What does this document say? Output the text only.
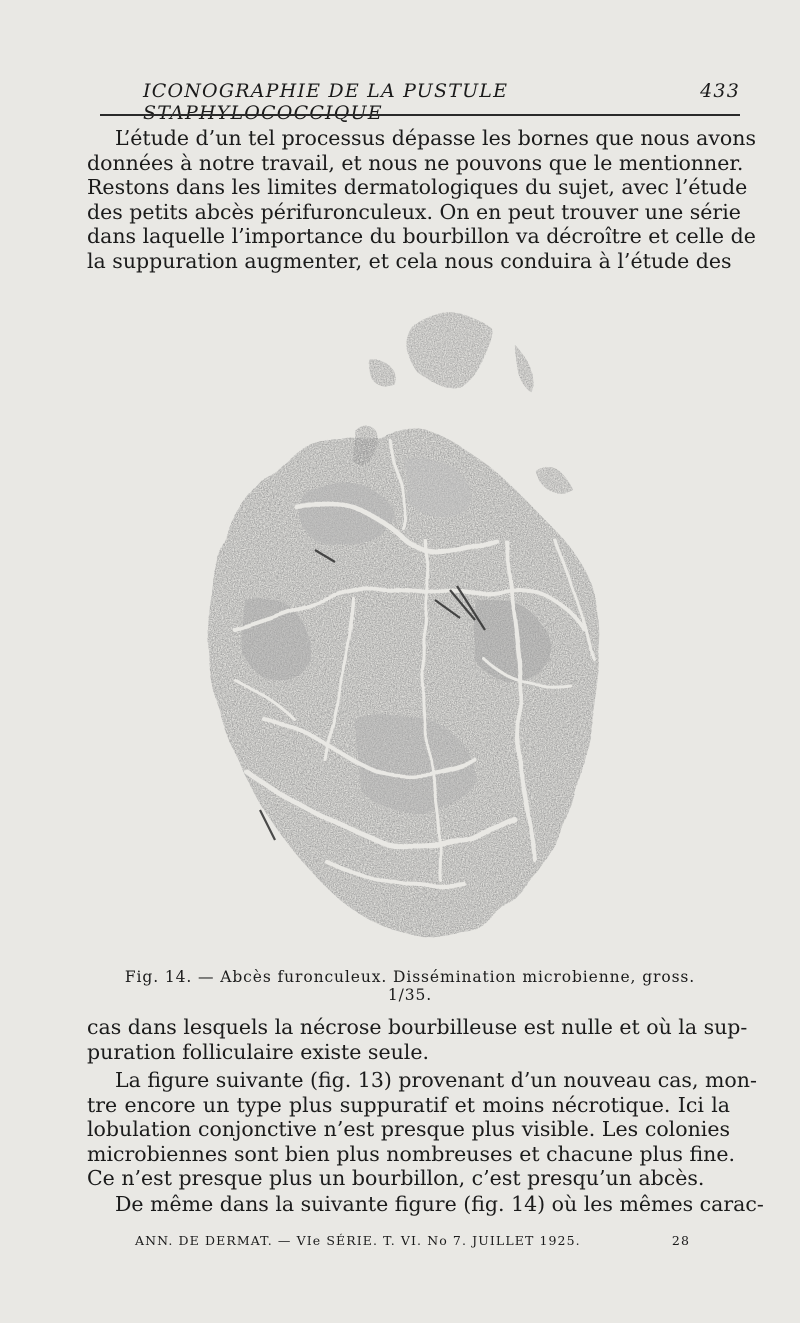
ICONOGRAPHIE DE LA PUSTULE STAPHYLOCOCCIQUE
433

L’étude d’un tel processus dépasse les bornes que nous avons
données à notre travail, et nous ne pouvons que le mentionner.
Restons dans les limites dermatologiques du sujet, avec l’étude
des petits abcès périfuronculeux. On en peut trouver une série
dans laquelle l’importance du bourbillon va décroître et celle de
la suppuration augmenter, et cela nous conduira à l’étude des

Fig. 14. — Abcès furonculeux. Dissémination microbienne, gross. 1/35.

cas dans lesquels la nécrose bourbilleuse est nulle et où la sup-
puration folliculaire existe seule.

La figure suivante (fig. 13) provenant d’un nouveau cas, mon-
tre encore un type plus suppuratif et moins nécrotique. Ici la
lobulation conjonctive n’est presque plus visible. Les colonies
microbiennes sont bien plus nombreuses et chacune plus fine.
Ce n’est presque plus un bourbillon, c’est presqu’un abcès.

De même dans la suivante figure (fig. 14) où les mêmes carac-

ANN. DE DERMAT. — VIe SÉRIE. T. VI. No 7. JUILLET 1925.	28
